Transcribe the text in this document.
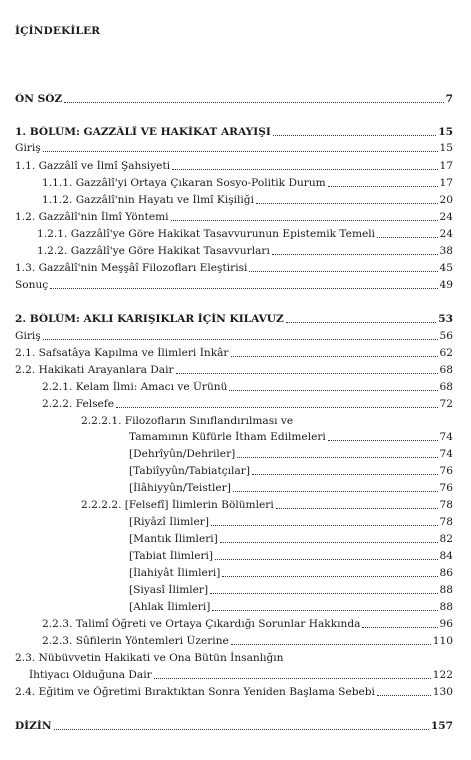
İÇİNDEKİLER
ÖN SÖZ	7
1. BÖLÜM: GAZZÂLÎ VE HAKİKAT ARAYIŞI	15
Giriş	15
1.1. Gazzâlî ve İlmî Şahsiyeti	17
1.1.1. Gazzâlî'yi Ortaya Çıkaran Sosyo-Politik Durum	17
1.1.2. Gazzâlî'nin Hayatı ve İlmî Kişiliği	20
1.2. Gazzâlî'nin İlmî Yöntemi	24
1.2.1. Gazzâlî'ye Göre Hakikat Tasavvurunun Epistemik Temeli	24
1.2.2. Gazzâlî'ye Göre Hakikat Tasavvurları	38
1.3. Gazzâlî'nin Meşşâî Filozofları Eleştirisi	45
Sonuç	49
2. BÖLÜM: AKLI KARIŞIKLAR İÇİN KILAVUZ	53
Giriş	56
2.1. Safsatâya Kapılma ve İlimleri İnkâr	62
2.2. Hakikati Arayanlara Dair	68
2.2.1. Kelam İlmi: Amacı ve Ürünü	68
2.2.2. Felsefe	72
2.2.2.1. Filozofların Sınıflandırılması ve
Tamamının Küfürle İtham Edilmeleri	74
[Dehrîyûn/Dehriler]	74
[Tabiîyyûn/Tabiatçılar]	76
[İlâhiyyûn/Teistler]	76
2.2.2.2. [Felsefî] İlimlerin Bölümleri	78
[Riyâzî İlimler]	78
[Mantık İlimleri]	82
[Tabiat İlimleri]	84
[İlahiyât İlimleri]	86
[Siyasî İlimler]	88
[Ahlak İlimleri]	88
2.2.3. Talimî Öğreti ve Ortaya Çıkardığı Sorunlar Hakkında	96
2.2.3. Sûfilerin Yöntemleri Üzerine	110
2.3. Nübüvvetin Hakikati ve Ona Bütün İnsanlığın
İhtiyacı Olduğuna Dair	122
2.4. Eğitim ve Öğretimi Bıraktıktan Sonra Yeniden Başlama Sebebi	130
DİZİN	157
